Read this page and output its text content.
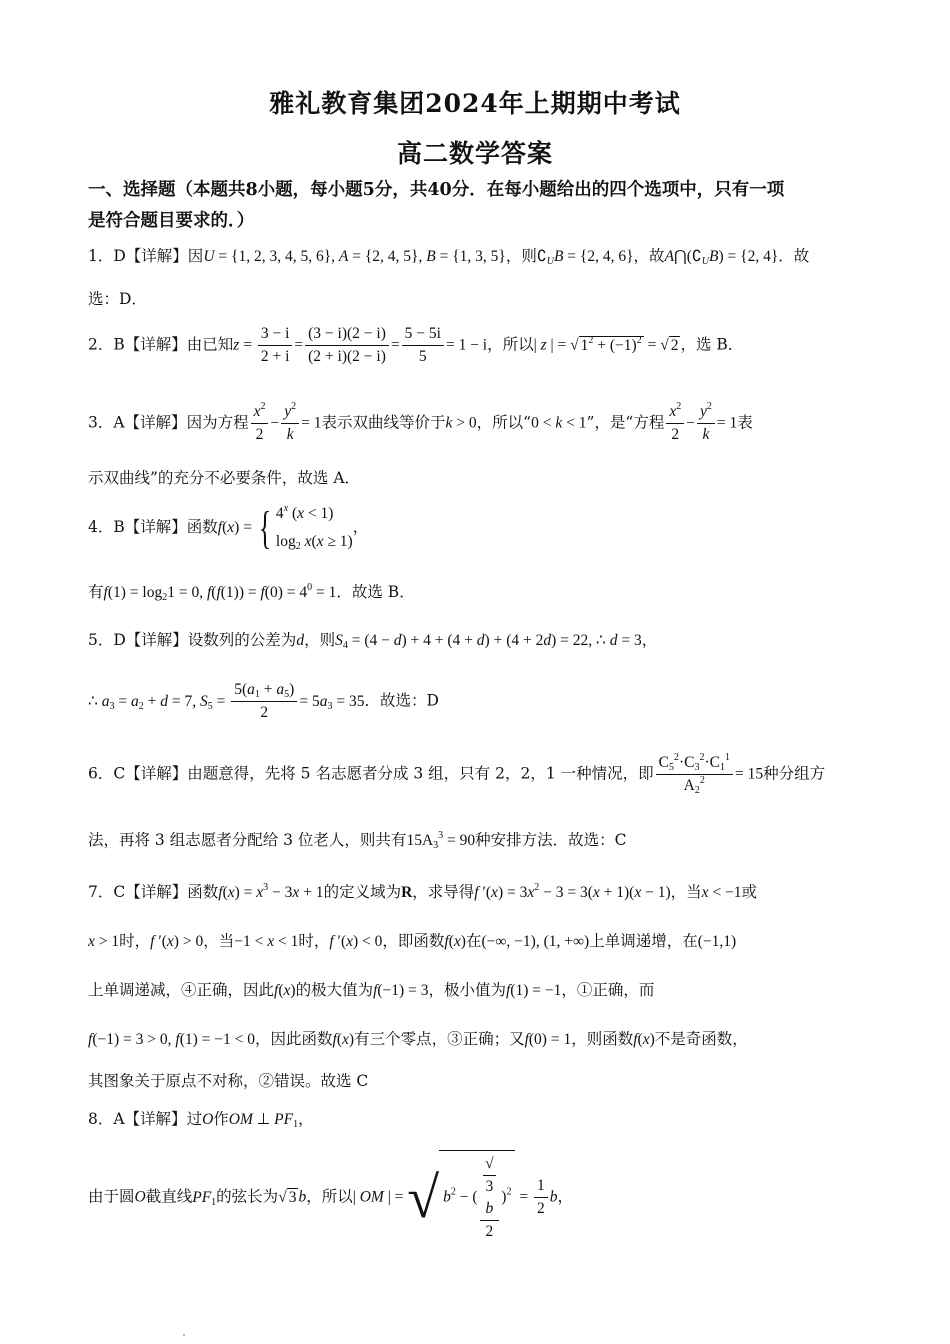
雅礼教育集团2024年上期期中考试
高二数学答案
一、选择题（本题共8小题，每小题5分，共40分．在每小题给出的四个选项中，只有一项
是符合题目要求的．）
1．D【详解】因U = {1, 2, 3, 4, 5, 6}, A = {2, 4, 5}, B = {1, 3, 5}，则$∁_UB = \{2$, 4, 6}，故$A⋂(∁_UB) = \{2$, 4}．故
选：D．
2．B【详解】由已知$z = \frac{3 - i}{2 + i} = \frac{(3 - i)(2 - i)}{(2 + i)(2 - i)} = \frac{5 - 5i}{5} = 1 - i$，所以| z | = √ $1^2 + (-1)^2$ = √ 2 ，选 B．
3．A【详解】因为方程 $\frac{x^2}{2} - \frac{y^2}{k} = 1$表示双曲线等价于k > 0，所以“0 < k < 1”，是“方程 $\frac{x^2}{2} - \frac{y^2}{k} = 1$表
示双曲线”的充分不必要条件，故选 A．
4．B【详解】函数f(x) = { 4$^x$ (x < 1)
$\log_2 x(x \ge 1)$
，
有$f(1) = \log_21 = 0$, $f(f(1)) = f(0) = 4^0 = 1$．故选 B．
5．D【详解】设数列的公差为d，则$S_4 = (4 - d) + 4 + (4 + d) + (4 + 2d) = 22$, ∴ d = 3，
∴ $a_3 = a_2 + d = 7$, $S_5 = \frac{5(a_1 + a_5)}{2} = 5a_3 = 35$．故选：D
6．C【详解】由题意得，先将 5 名志愿者分成 3 组，只有 2，2，1 一种情况，即 $\frac{C_5^2\cdot C_3^2\cdot C_1^1}{A_2^2} = 15$种分组方
法，再将 3 组志愿者分配给 3 位老人，则共有$15A_3^3 = 90$种安排方法．故选：C
7．C【详解】函数$f(x) = x^3 - 3x + 1$的定义域为R，求导得f $'(x) = 3x^2 - 3 = 3(x + 1)(x - 1)$，当x < −1或
x > 1时，f ′(x) > 0，当−1 < x < 1时，f ′(x) < 0，即函数f(x)在(−∞, −1), (1, +∞)上单调递增，在(−1,1)
上单调递减，④正确，因此f(x)的极大值为f(−1) = 3，极小值为f(1) = −1，①正确，而
f(−1) = 3 > 0, f(1) = −1 < 0，因此函数f(x)有三个零点，③正确；又f(0) = 1，则函数f(x)不是奇函数，
其图象关于原点不对称，②错误。故选 C
8．A【详解】过O作OM ⊥ $PF_1$，
由于圆O截直线$PF_1$的弦长为√ 3 b，所以| OM | = √ $b^2$ − ( √
3
b
2 )$^2 = \frac{1}{2}$ b，
